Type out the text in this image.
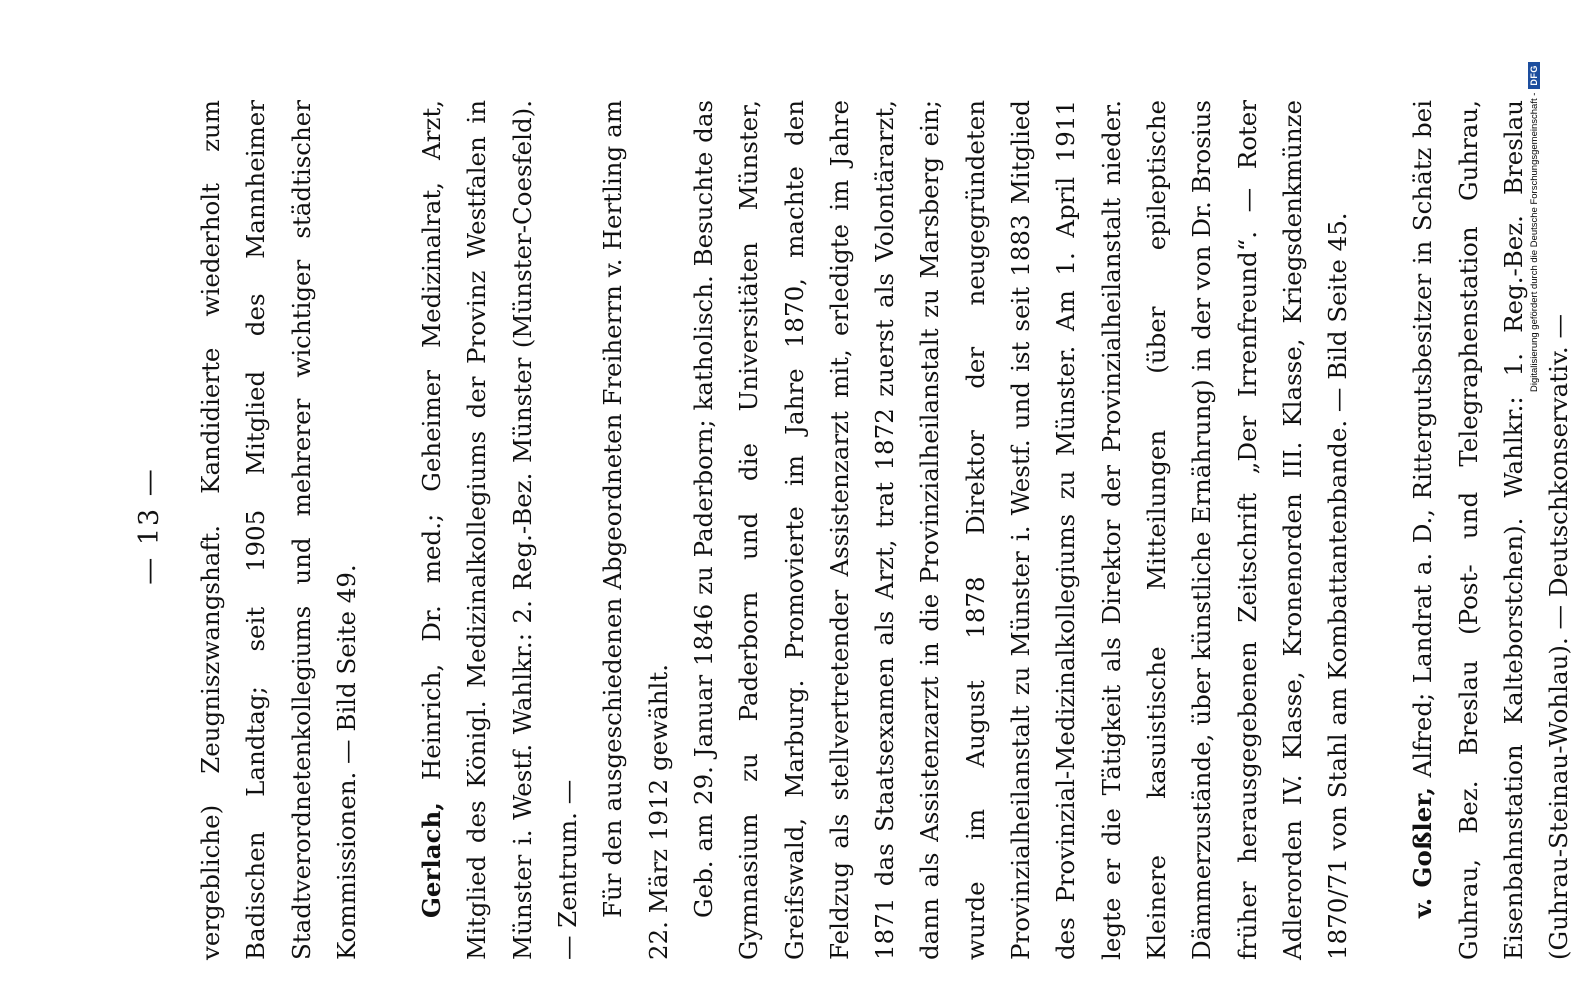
— 13 —	vergebliche) Zeugniszwangshaft. Kandidierte wiederholt zum Badischen Landtag; seit 1905 Mitglied des Mannheimer Stadtverordnetenkollegiums und mehrerer wichtiger städtischer Kommissionen. — Bild Seite 49.	Gerlach, Heinrich, Dr. med.; Geheimer Medizinalrat, Arzt, Mitglied des Königl. Medizinalkollegiums der Provinz Westfalen in Münster i. Westf. Wahlkr.: 2. Reg.-Bez. Münster (Münster-Coesfeld). — Zentrum. — Für den ausgeschiedenen Abgeordneten Freiherrn v. Hertling am 22. März 1912 gewählt. Geb. am 29. Januar 1846 zu Paderborn; katholisch. Besuchte das Gymnasium zu Paderborn und die Universitäten Münster, Greifswald, Marburg. Promovierte im Jahre 1870, machte den Feldzug als stellvertretender Assistenzarzt mit, erledigte im Jahre 1871 das Staatsexamen als Arzt, trat 1872 zuerst als Volontärarzt, dann als Assistenzarzt in die Provinzialheilanstalt zu Marsberg ein; wurde im August 1878 Direktor der neugegründeten Provinzialheilanstalt zu Münster i. Westf. und ist seit 1883 Mitglied des Provinzial-Medizinalkollegiums zu Münster. Am 1. April 1911 legte er die Tätigkeit als Direktor der Provinzialheilanstalt nieder. Kleinere kasuistische Mitteilungen (über epileptische Dämmerzustände, über künstliche Ernährung) in der von Dr. Brosius früher herausgegebenen Zeitschrift „Der Irrenfreund“. — Roter Adlerorden IV. Klasse, Kronenorden III. Klasse, Kriegsdenkmünze 1870/71 von Stahl am Kombattantenbande. — Bild Seite 45.	v. Goßler, Alfred; Landrat a. D., Rittergutsbesitzer in Schätz bei Guhrau, Bez. Breslau (Post- und Telegraphenstation Guhrau, Eisenbahnstation Kalteborstchen). Wahlkr.: 1. Reg.-Bez. Breslau (Guhrau-Steinau-Wohlau). — Deutschkonservativ. —

Digitalisierung gefördert durch die Deutsche Forschungsgemeinschaft -
DFG
